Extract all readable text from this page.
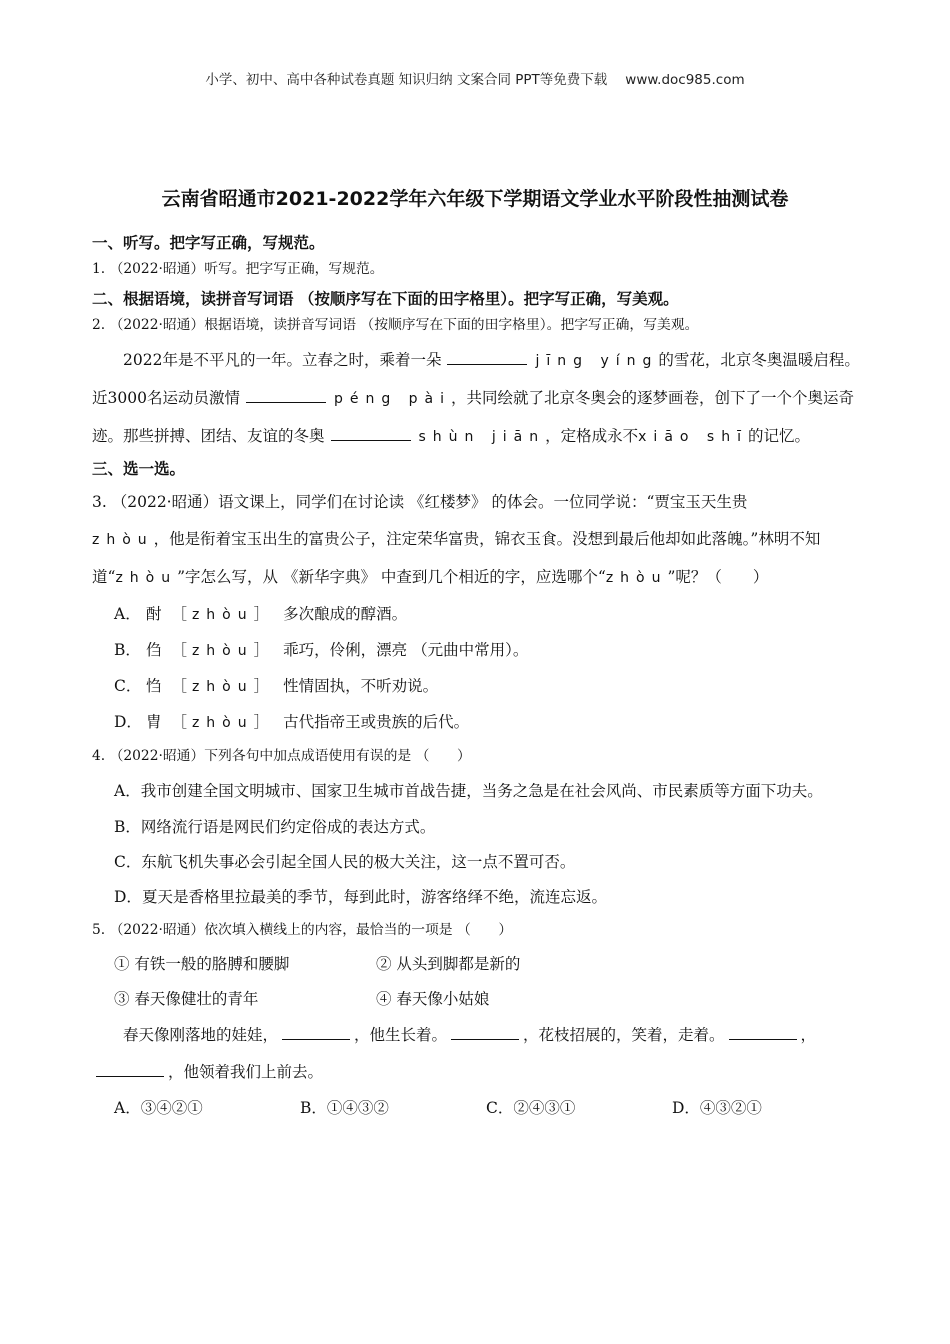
小学、初中、高中各种试卷真题 知识归纳 文案合同 PPT等免费下载 www.doc985.com
云南省昭通市2021-2022学年六年级下学期语文学业水平阶段性抽测试卷
一、听写。把字写正确，写规范。
1. （2022·昭通）听写。把字写正确，写规范。
二、根据语境，读拼音写词语 （按顺序写在下面的田字格里）。把字写正确，写美观。
2. （2022·昭通）根据语境，读拼音写词语 （按顺序写在下面的田字格里）。把字写正确，写美观。

2022年是不平凡的一年。立春之时，乘着一朵	jīng yíng的雪花，北京冬奥温暖启程。近3000名运动员激情	péng pài，共同绘就了北京冬奥会的逐梦画卷，创下了一个个奥运奇迹。那些拼搏、团结、友谊的冬奥	shùn jiān，定格成永不xiāo shī的记忆。

三、选一选。

3. （2022·昭通）语文课上，同学们在讨论读 《红楼梦》 的体会。一位同学说：“贾宝玉天生贵
zhòu，他是衔着宝玉出生的富贵公子，注定荣华富贵，锦衣玉食。没想到最后他却如此落魄。”林明不知道“zhòu”字怎么写，从 《新华字典》 中查到几个相近的字，应选哪个“zhòu”呢？（　　）

A． 酎 ［ zhòu］ 多次酿成的醇酒。
B． 㑇 ［ zhòu］ 乖巧，伶俐，漂亮 （元曲中常用）。
C． 㤘 ［ zhòu］ 性情固执，不听劝说。
D． 胄 ［ zhòu］ 古代指帝王或贵族的后代。
4. （2022·昭通）下列各句中加点成语使用有误的是 （　　）

A．我市创建全国文明城市、国家卫生城市首战告捷，当务之急是在社会风尚、市民素质等方面下功夫。

B．网络流行语是网民们约定俗成的表达方式。
C．东航飞机失事必会引起全国人民的极大关注，这一点不置可否。
D．夏天是香格里拉最美的季节，每到此时，游客络绎不绝，流连忘返。
5. （2022·昭通）依次填入横线上的内容，最恰当的一项是 （　　）
① 有铁一般的胳膊和腰脚	② 从头到脚都是新的
③ 春天像健壮的青年	④ 春天像小姑娘

春天像刚落地的娃娃，	，他生长着。	，花枝招展的，笑着，走着。	，，他领着我们上前去。

A．③④②①	B．①④③②	C．②④③①	D．④③②①
